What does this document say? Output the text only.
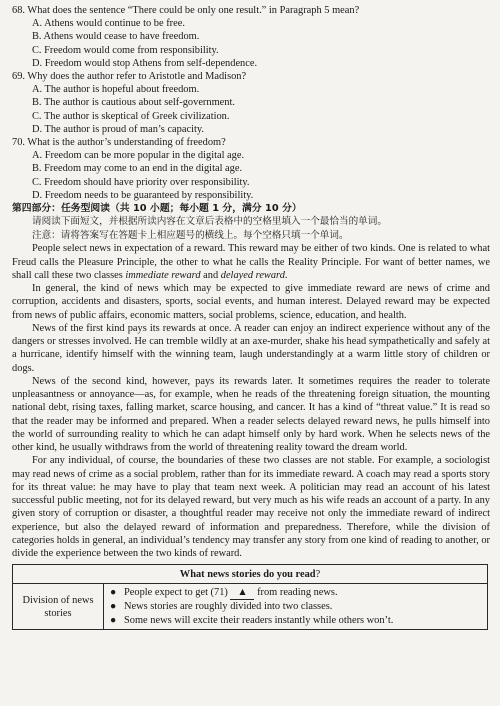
68. What does the sentence “There could be only one result.” in Paragraph 5 mean?
A. Athens would continue to be free.
B. Athens would cease to have freedom.
C. Freedom would come from responsibility.
D. Freedom would stop Athens from self-dependence.
69. Why does the author refer to Aristotle and Madison?
A. The author is hopeful about freedom.
B. The author is cautious about self-government.
C. The author is skeptical of Greek civilization.
D. The author is proud of man’s capacity.
70. What is the author’s understanding of freedom?
A. Freedom can be more popular in the digital age.
B. Freedom may come to an end in the digital age.
C. Freedom should have priority over responsibility.
D. Freedom needs to be guaranteed by responsibility.
第四部分：任务型阅读（共 10 小题；每小题 1 分，满分 10 分）
请阅读下面短文，并根据所读内容在文章后表格中的空格里填入一个最恰当的单词。
注意：请将答案写在答题卡上相应题号的横线上。每个空格只填一个单词。

People select news in expectation of a reward. This reward may be either of two kinds. One is related to what Freud calls the Pleasure Principle, the other to what he calls the Reality Principle. For want of better names, we shall call these two classes immediate reward and delayed reward.

In general, the kind of news which may be expected to give immediate reward are news of crime and corruption, accidents and disasters, sports, social events, and human interest. Delayed reward may be expected from news of public affairs, economic matters, social problems, science, education, and health.

News of the first kind pays its rewards at once. A reader can enjoy an indirect experience without any of the dangers or stresses involved. He can tremble wildly at an axe-murder, shake his head sympathetically and safely at a hurricane, identify himself with the winning team, laugh understandingly at a warm little story of children or dogs.

News of the second kind, however, pays its rewards later. It sometimes requires the reader to tolerate unpleasantness or annoyance—as, for example, when he reads of the threatening foreign situation, the mounting national debt, rising taxes, falling market, scarce housing, and cancer. It has a kind of “threat value.” It is read so that the reader may be informed and prepared. When a reader selects delayed reward news, he pulls himself into the world of surrounding reality to which he can adapt himself only by hard work. When he selects news of the other kind, he usually withdraws from the world of threatening reality toward the dream world.

For any individual, of course, the boundaries of these two classes are not stable. For example, a sociologist may read news of crime as a social problem, rather than for its immediate reward. A coach may read a sports story for its threat value: he may have to play that team next week. A politician may read an account of his latest successful public meeting, not for its delayed reward, but very much as his wife reads an account of a party. In any given story of corruption or disaster, a thoughtful reader may receive not only the immediate reward of indirect experience, but also the delayed reward of information and preparedness. Therefore, while the division of categories holds in general, an individual’s tendency may transfer any story from one kind of reading to another, or divide the experience between the two kinds of reward.

What news stories do you read?
Division of news stories	
● People expect to get (71) ▲ from reading news.
● News stories are roughly divided into two classes.
● Some news will excite their readers instantly while others won’t.
